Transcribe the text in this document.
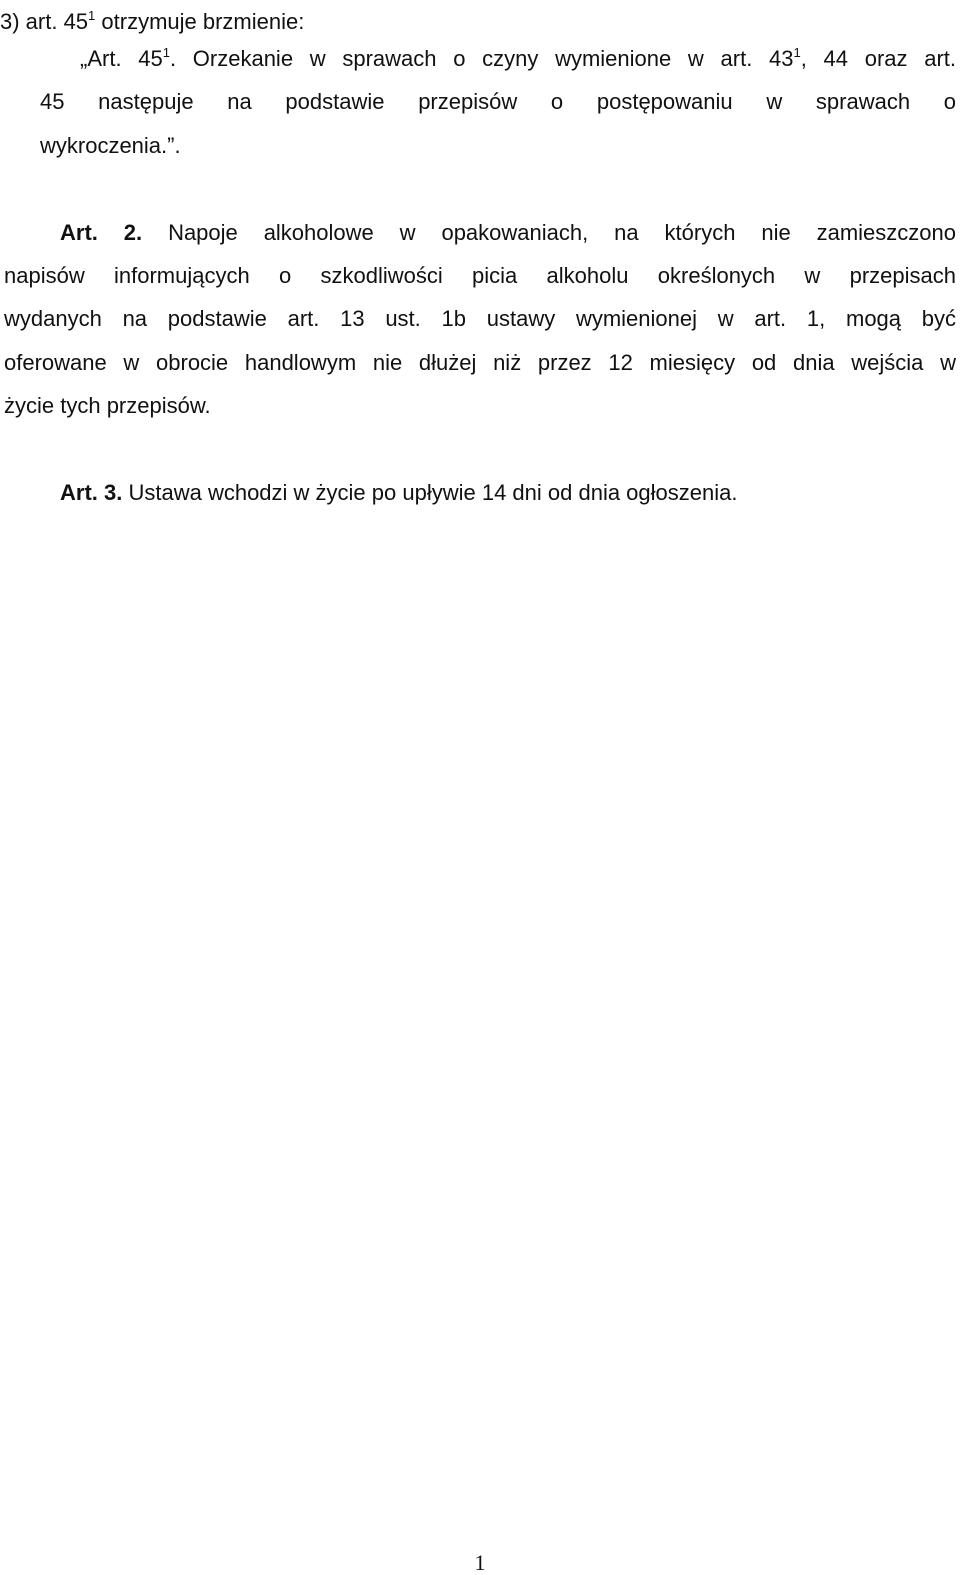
3) art. $45^1$ otrzymuje brzmienie:
„Art. $45^1$. Orzekanie w sprawach o czyny wymienione w art. $43^1$, 44 oraz art.
45 następuje na podstawie przepisów o postępowaniu w sprawach o
wykroczenia.”.
Art. 2. Napoje alkoholowe w opakowaniach, na których nie zamieszczono
napisów informujących o szkodliwości picia alkoholu określonych w przepisach
wydanych na podstawie art. 13 ust. 1b ustawy wymienionej w art. 1, mogą być
oferowane w obrocie handlowym nie dłużej niż przez 12 miesięcy od dnia wejścia w
życie tych przepisów.
Art. 3. Ustawa wchodzi w życie po upływie 14 dni od dnia ogłoszenia.
1
